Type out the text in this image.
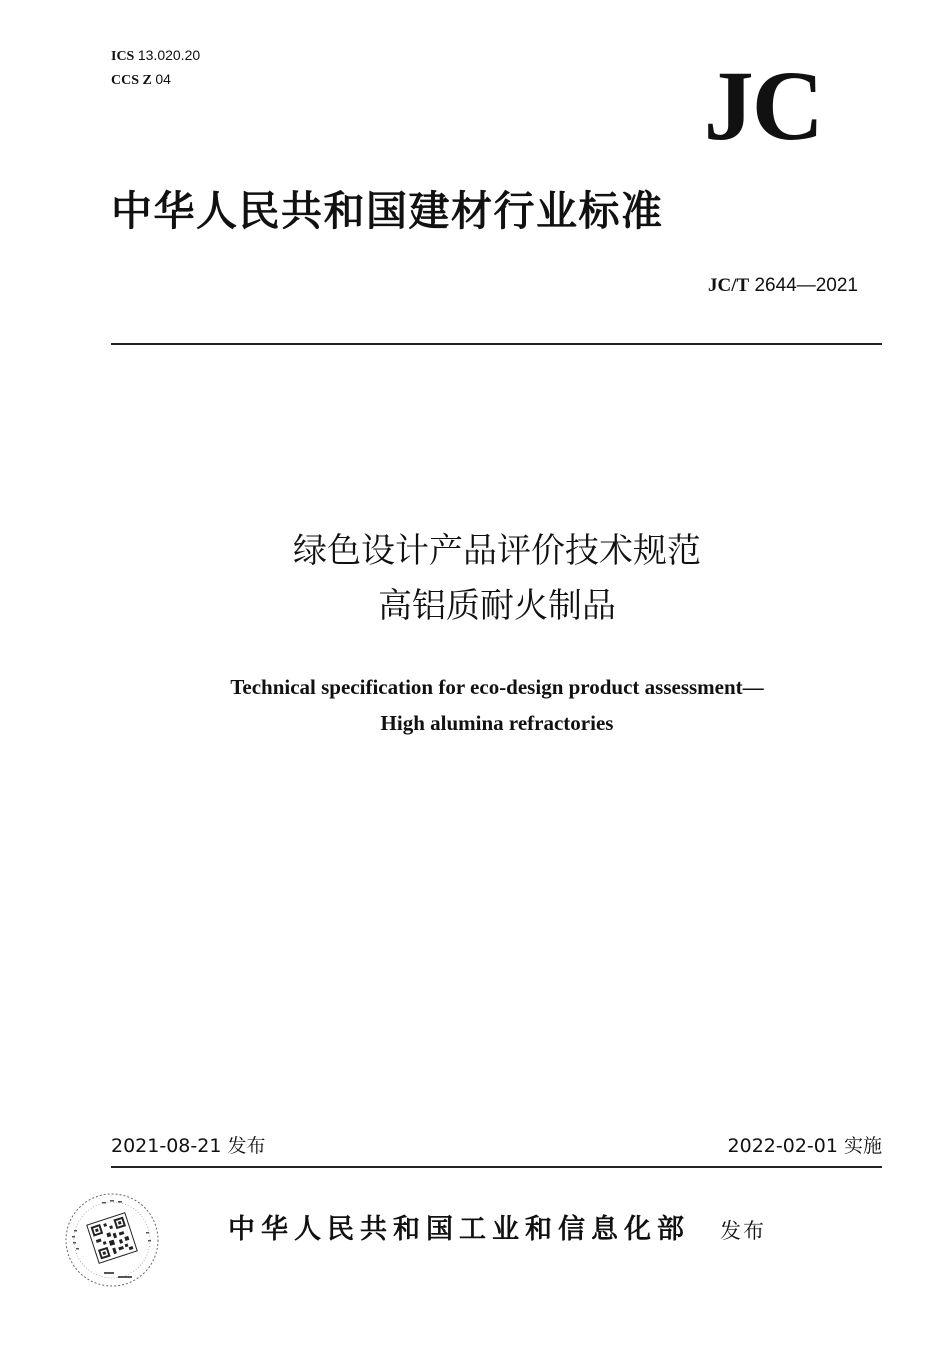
ICS 13.020.20
CCS Z 04	JC
中华人民共和国建材行业标准
JC/T 2644—2021
绿色设计产品评价技术规范
高铝质耐火制品
Technical specification for eco-design product assessment—
High alumina refractories
2021-08-21 发布	2022-02-01 实施
中华人民共和国工业和信息化部 发布
